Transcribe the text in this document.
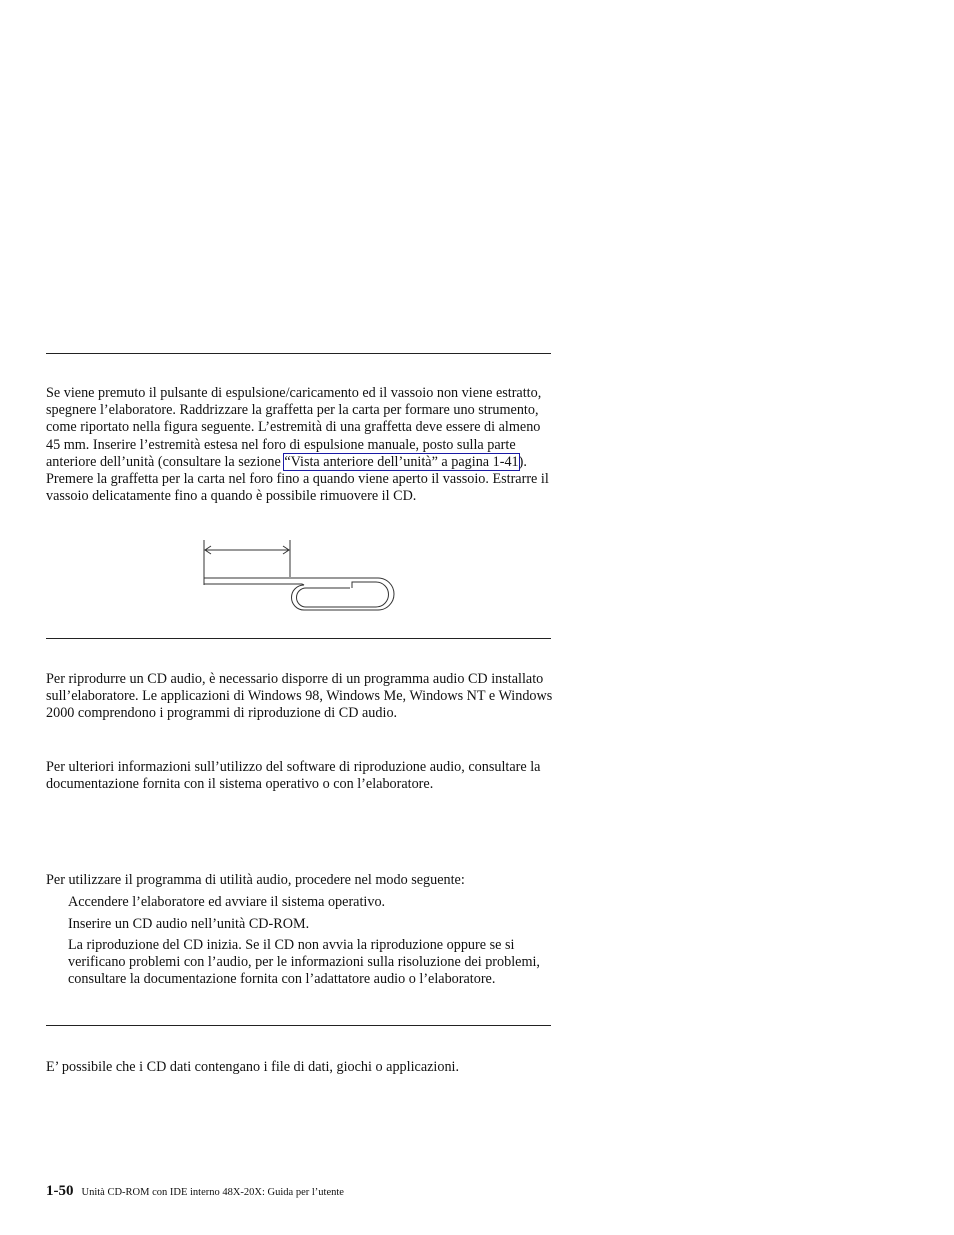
Se viene premuto il pulsante di espulsione/caricamento ed il vassoio non viene estratto, spegnere l’elaboratore. Raddrizzare la graffetta per la carta per formare uno strumento, come riportato nella figura seguente. L’estremità di una graffetta deve essere di almeno 45 mm. Inserire l’estremità estesa nel foro di espulsione manuale, posto sulla parte anteriore dell’unità (consultare la sezione “Vista anteriore dell’unità” a pagina 1-41). Premere la graffetta per la carta nel foro fino a quando viene aperto il vassoio. Estrarre il vassoio delicatamente fino a quando è possibile rimuovere il CD.

Per riprodurre un CD audio, è necessario disporre di un programma audio CD installato sull’elaboratore. Le applicazioni di Windows 98, Windows Me, Windows NT e Windows 2000 comprendono i programmi di riproduzione di CD audio.

Per ulteriori informazioni sull’utilizzo del software di riproduzione audio, consultare la documentazione fornita con il sistema operativo o con l’elaboratore.

Per utilizzare il programma di utilità audio, procedere nel modo seguente:

Accendere l’elaboratore ed avviare il sistema operativo.

Inserire un CD audio nell’unità CD-ROM.

La riproduzione del CD inizia. Se il CD non avvia la riproduzione oppure se si verificano problemi con l’audio, per le informazioni sulla risoluzione dei problemi, consultare la documentazione fornita con l’adattatore audio o l’elaboratore.

E’ possibile che i CD dati contengano i file di dati, giochi o applicazioni.

1-50 Unità CD-ROM con IDE interno 48X-20X: Guida per l’utente
